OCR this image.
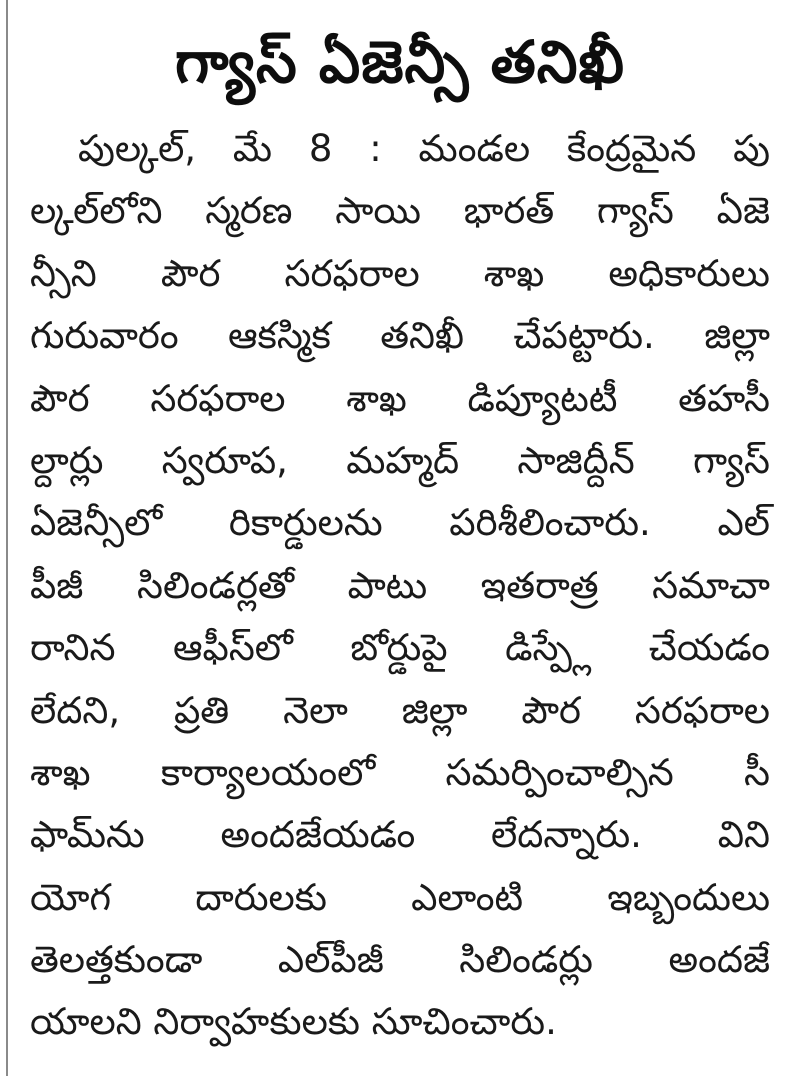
గ్యాస్ ఏజెన్సీ తనిఖీ
పుల్కల్, మే 8 : మండల కేంద్రమైన పు
ల్కల్‌లోని స్మరణ సాయి భారత్ గ్యాస్ ఏజె
న్సీని పౌర సరఫరాల శాఖ అధికారులు
గురువారం ఆకస్మిక తనిఖీ చేపట్టారు. జిల్లా
పౌర సరఫరాల శాఖ డిప్యూటటీ తహసీ
ల్దార్లు స్వరూప, మహ్మద్ సాజిద్దీన్ గ్యాస్
ఏజెన్సీలో రికార్డులను పరిశీలించారు. ఎల్
పీజీ సిలిండర్లతో పాటు ఇతరాత్ర సమాచా
రానిన ఆఫీస్‌లో బోర్డుపై డిస్ప్లే చేయడం
లేదని, ప్రతి నెలా జిల్లా పౌర సరఫరాల
శాఖ కార్యాలయంలో సమర్పించాల్సిన సీ
ఫామ్‌ను అందజేయడం లేదన్నారు. విని
యోగ దారులకు ఎలాంటి ఇబ్బందులు
తెలత్తకుండా ఎల్‌పీజీ సిలిండర్లు అందజే
యాలని నిర్వాహకులకు సూచించారు.
